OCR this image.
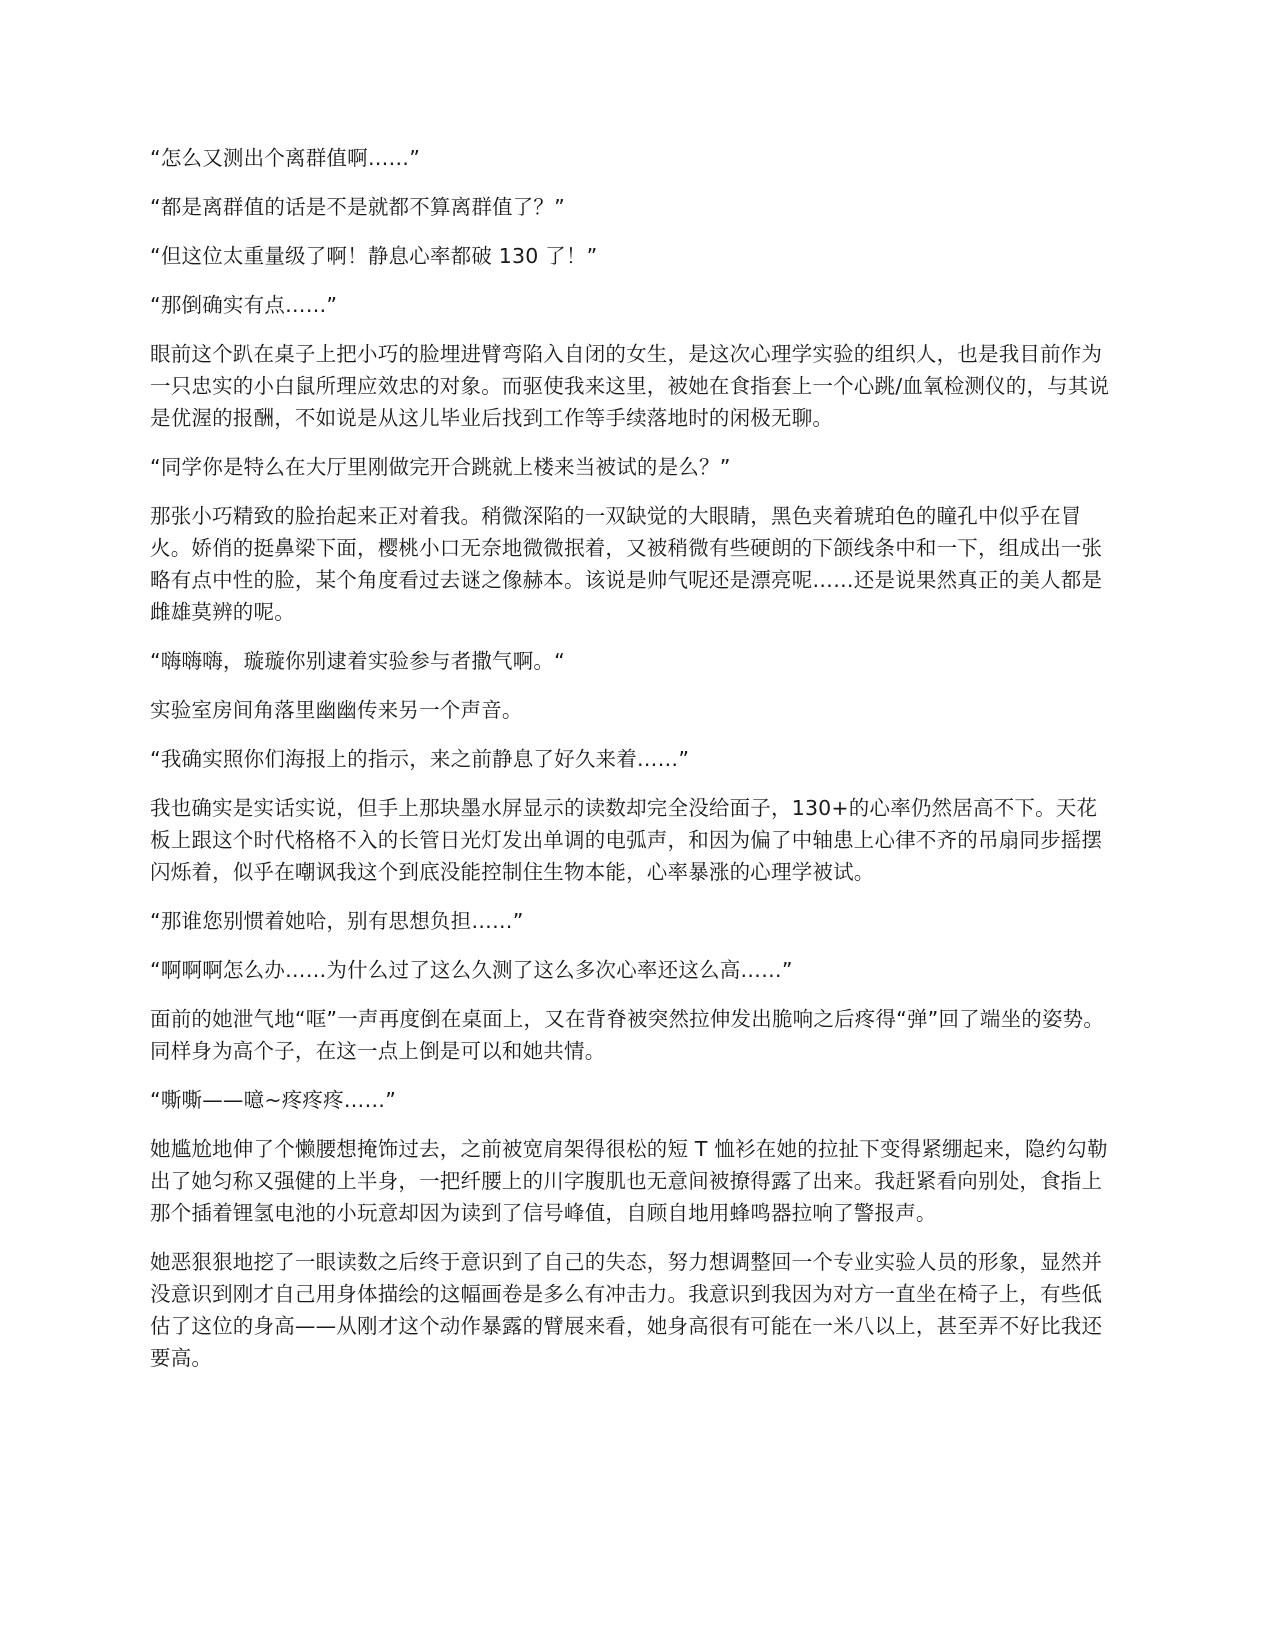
“怎么又测出个离群值啊……”

“都是离群值的话是不是就都不算离群值了？”

“但这位太重量级了啊！静息心率都破 130 了！”

“那倒确实有点……”

眼前这个趴在桌子上把小巧的脸埋进臂弯陷入自闭的女生，是这次心理学实验的组织人，也是我目前作为一只忠实的小白鼠所理应效忠的对象。而驱使我来这里，被她在食指套上一个心跳/血氧检测仪的，与其说是优渥的报酬，不如说是从这儿毕业后找到工作等手续落地时的闲极无聊。

“同学你是特么在大厅里刚做完开合跳就上楼来当被试的是么？”

那张小巧精致的脸抬起来正对着我。稍微深陷的一双缺觉的大眼睛，黑色夹着琥珀色的瞳孔中似乎在冒火。娇俏的挺鼻梁下面，樱桃小口无奈地微微抿着，又被稍微有些硬朗的下颌线条中和一下，组成出一张略有点中性的脸，某个角度看过去谜之像赫本。该说是帅气呢还是漂亮呢……还是说果然真正的美人都是雌雄莫辨的呢。

“嗨嗨嗨，璇璇你别逮着实验参与者撒气啊。“

实验室房间角落里幽幽传来另一个声音。

“我确实照你们海报上的指示，来之前静息了好久来着……”

我也确实是实话实说，但手上那块墨水屏显示的读数却完全没给面子，130+的心率仍然居高不下。天花板上跟这个时代格格不入的长管日光灯发出单调的电弧声，和因为偏了中轴患上心律不齐的吊扇同步摇摆闪烁着，似乎在嘲讽我这个到底没能控制住生物本能，心率暴涨的心理学被试。

“那谁您别惯着她哈，别有思想负担……”

“啊啊啊怎么办……为什么过了这么久测了这么多次心率还这么高……”

面前的她泄气地“哐”一声再度倒在桌面上，又在背脊被突然拉伸发出脆响之后疼得“弹”回了端坐的姿势。同样身为高个子，在这一点上倒是可以和她共情。

“嘶嘶——噫~疼疼疼……”

她尴尬地伸了个懒腰想掩饰过去，之前被宽肩架得很松的短 T 恤衫在她的拉扯下变得紧绷起来，隐约勾勒出了她匀称又强健的上半身，一把纤腰上的川字腹肌也无意间被撩得露了出来。我赶紧看向别处，食指上那个插着锂氢电池的小玩意却因为读到了信号峰值，自顾自地用蜂鸣器拉响了警报声。

她恶狠狠地挖了一眼读数之后终于意识到了自己的失态，努力想调整回一个专业实验人员的形象，显然并没意识到刚才自己用身体描绘的这幅画卷是多么有冲击力。我意识到我因为对方一直坐在椅子上，有些低估了这位的身高——从刚才这个动作暴露的臂展来看，她身高很有可能在一米八以上，甚至弄不好比我还要高。
